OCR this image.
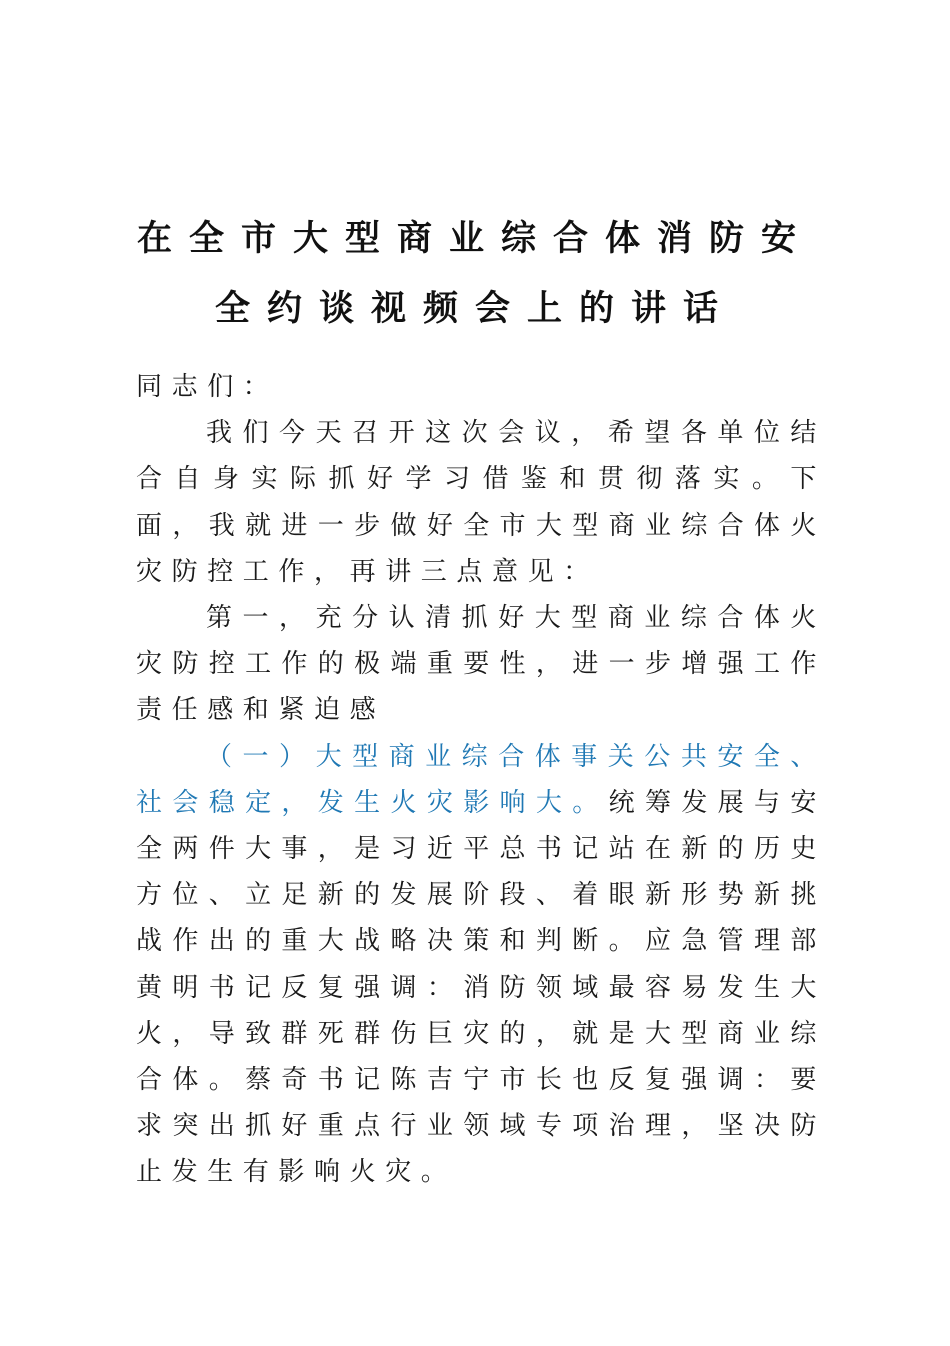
在全市大型商业综合体消防安
全约谈视频会上的讲话

同志们：

我们今天召开这次会议，希望各单位结合自身实际抓好学习借鉴和贯彻落实。下面，我就进一步做好全市大型商业综合体火灾防控工作，再讲三点意见：

第一，充分认清抓好大型商业综合体火灾防控工作的极端重要性，进一步增强工作责任感和紧迫感

（一）大型商业综合体事关公共安全、社会稳定，发生火灾影响大。统筹发展与安全两件大事，是习近平总书记站在新的历史方位、立足新的发展阶段、着眼新形势新挑战作出的重大战略决策和判断。应急管理部黄明书记反复强调：消防领域最容易发生大火，导致群死群伤巨灾的，就是大型商业综合体。蔡奇书记陈吉宁市长也反复强调：要求突出抓好重点行业领域专项治理，坚决防止发生有影响火灾。
